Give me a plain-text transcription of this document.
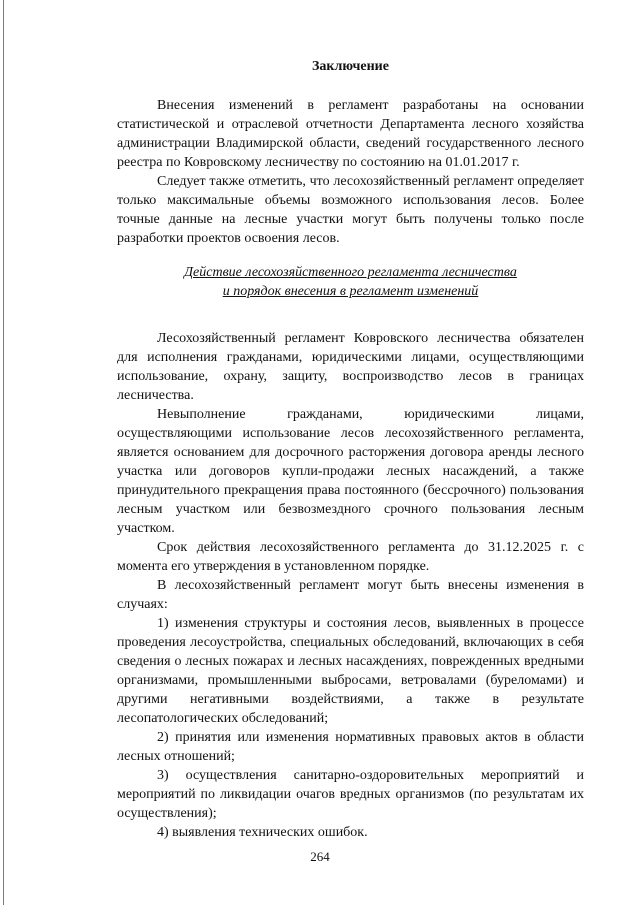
Заключение

Внесения изменений в регламент разработаны на основании статистической и отраслевой отчетности Департамента лесного хозяйства администрации Владимирской области, сведений государственного лесного реестра по Ковровскому лесничеству по состоянию на 01.01.2017 г.

Следует также отметить, что лесохозяйственный регламент определяет только максимальные объемы возможного использования лесов. Более точные данные на лесные участки могут быть получены только после разработки проектов освоения лесов.

Действие лесохозяйственного регламента лесничества
и порядок внесения в регламент изменений

Лесохозяйственный регламент Ковровского лесничества обязателен для исполнения гражданами, юридическими лицами, осуществляющими использование, охрану, защиту, воспроизводство лесов в границах лесничества.

Невыполнение гражданами, юридическими лицами, осуществляющими использование лесов лесохозяйственного регламента, является основанием для досрочного расторжения договора аренды лесного участка или договоров купли-продажи лесных насаждений, а также принудительного прекращения права постоянного (бессрочного) пользования лесным участком или безвозмездного срочного пользования лесным участком.

Срок действия лесохозяйственного регламента до 31.12.2025 г. с момента его утверждения в установленном порядке.

В лесохозяйственный регламент могут быть внесены изменения в случаях:

1) изменения структуры и состояния лесов, выявленных в процессе проведения лесоустройства, специальных обследований, включающих в себя сведения о лесных пожарах и лесных насаждениях, поврежденных вредными организмами, промышленными выбросами, ветровалами (буреломами) и другими негативными воздействиями, а также в результате лесопатологических обследований;

2) принятия или изменения нормативных правовых актов в области лесных отношений;

3) осуществления санитарно-оздоровительных мероприятий и мероприятий по ликвидации очагов вредных организмов (по результатам их осуществления);

4) выявления технических ошибок.

264
